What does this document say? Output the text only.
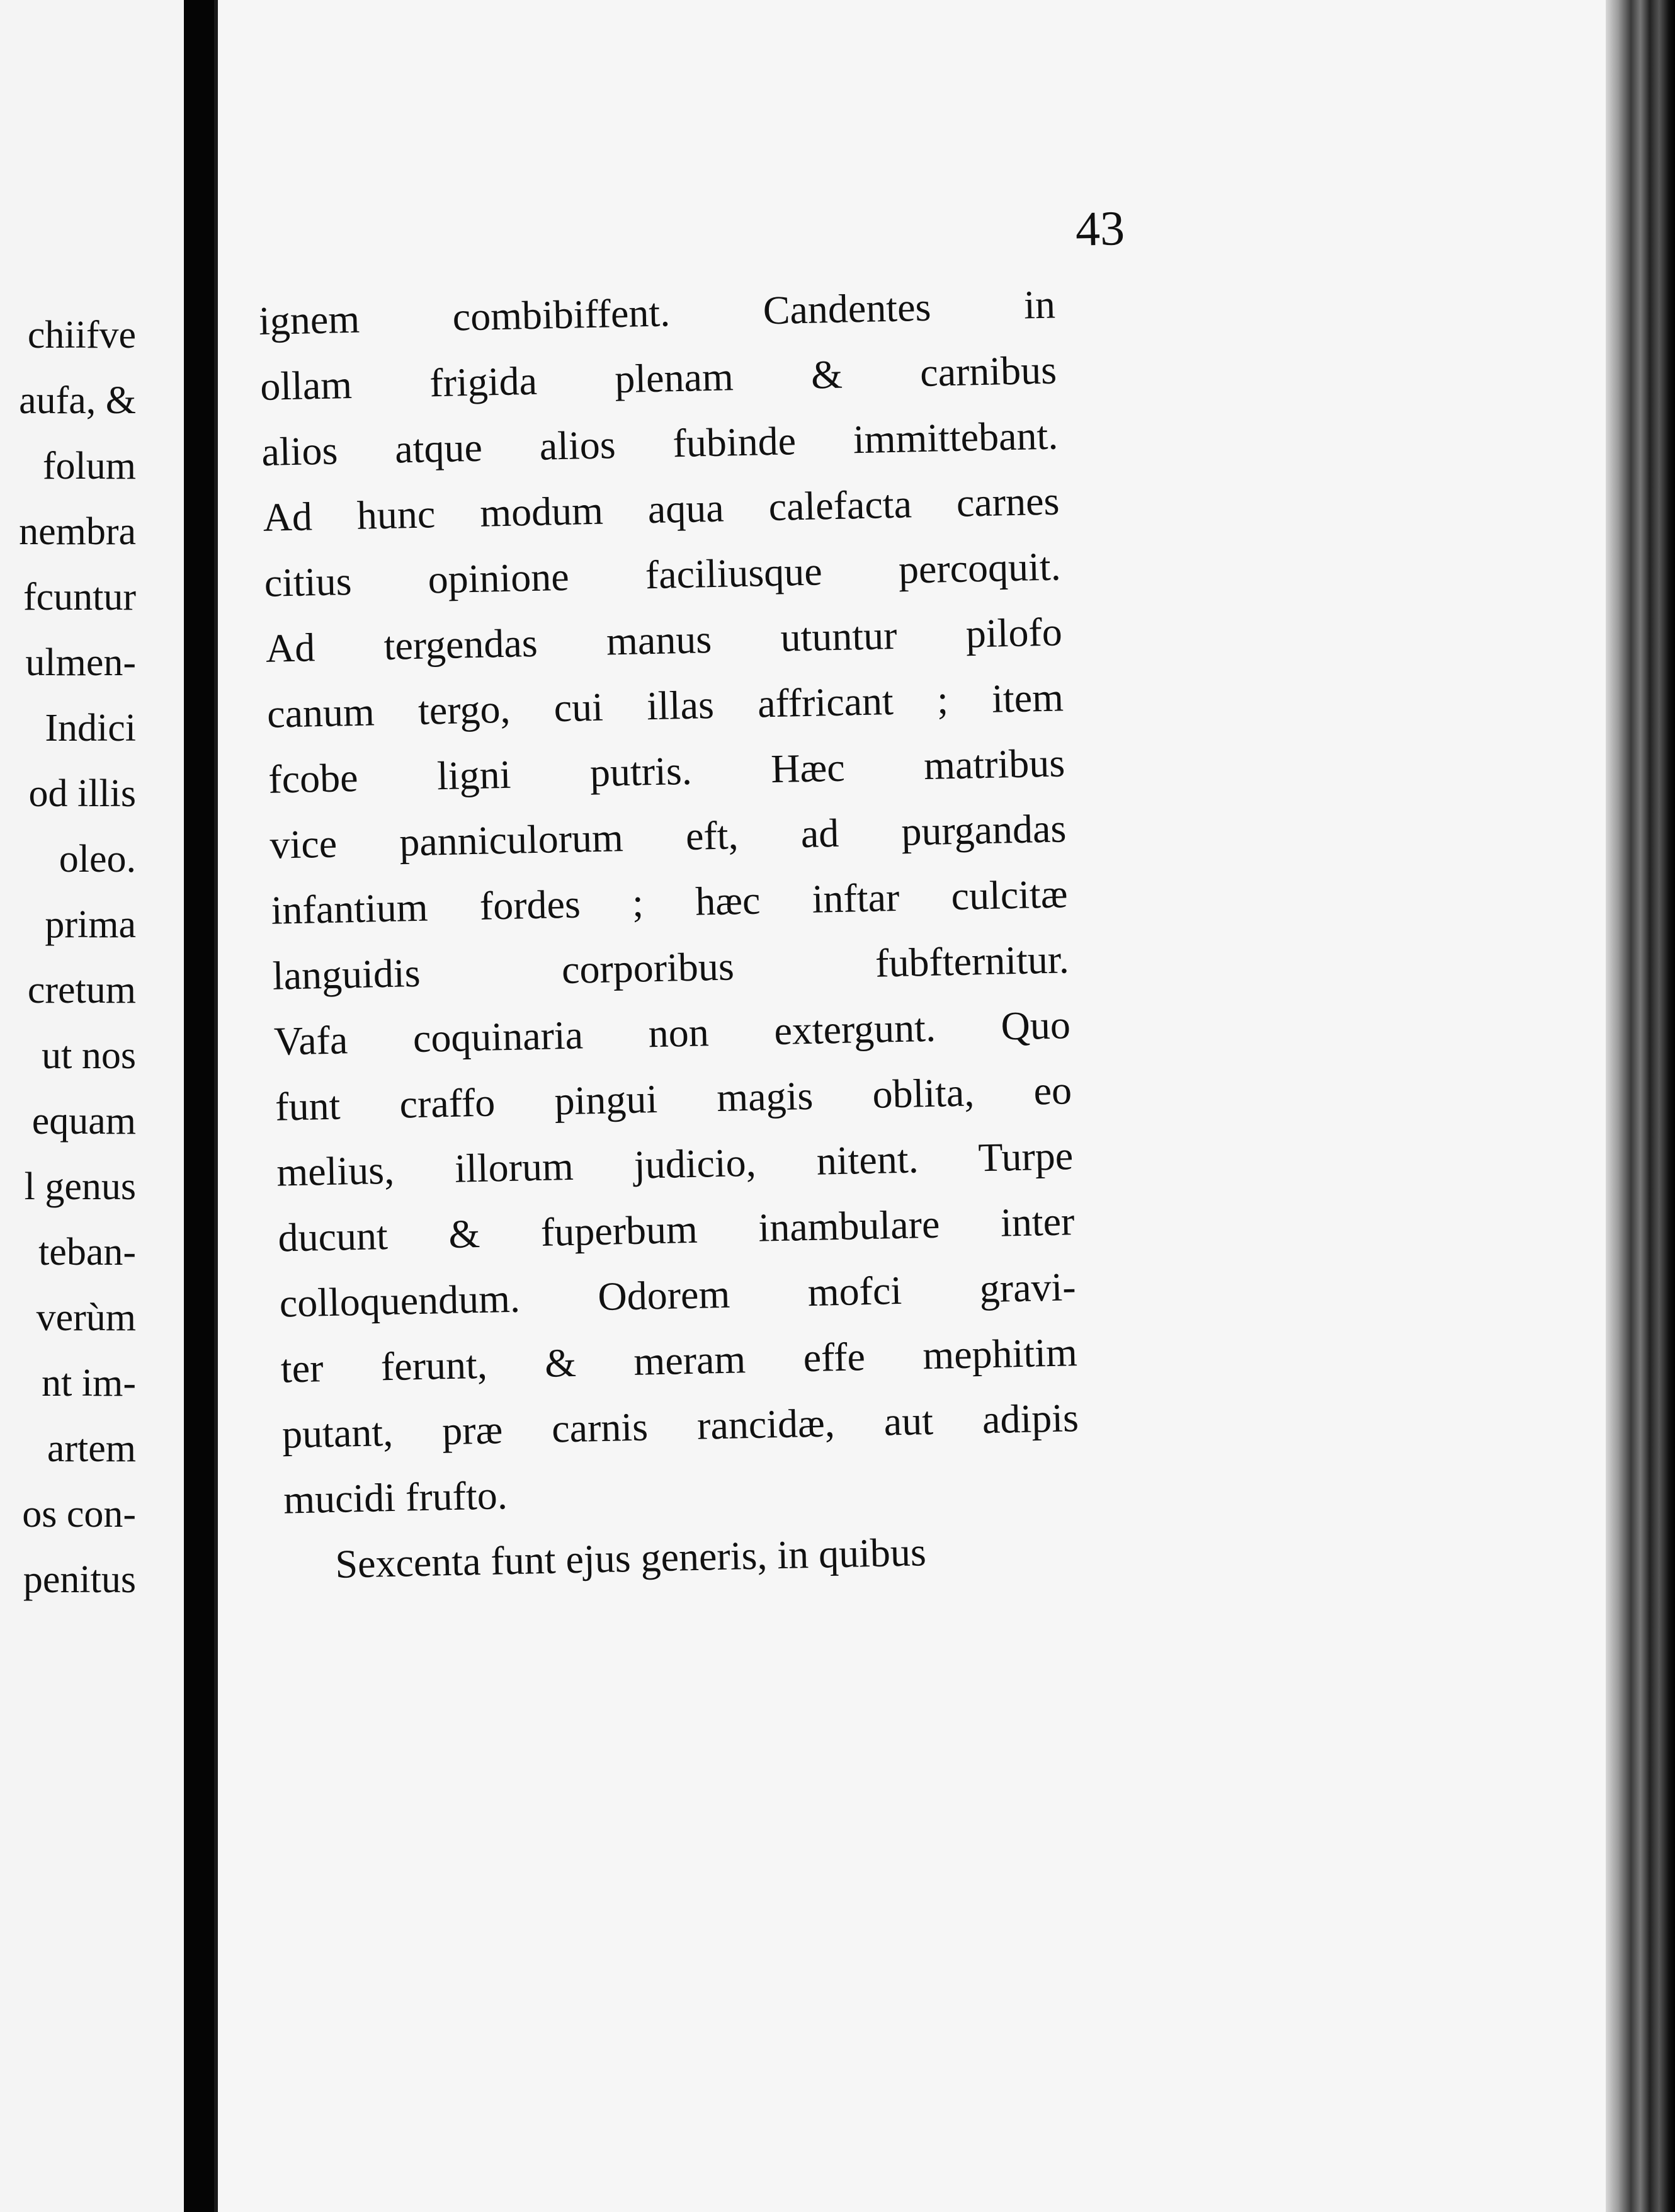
chiifve
aufa, &
folum
nembra
fcuntur
ulmen-
Indici
od illis
oleo.
prima
cretum
ut nos
equam
l genus
teban-
verùm
nt im-
artem
os con-
penitus
43
ignem combibiffent. Candentes in
ollam frigida plenam & carnibus
alios atque alios fubinde immittebant.
Ad hunc modum aqua calefacta carnes
citius opinione faciliusque percoquit.
Ad tergendas manus utuntur pilofo
canum tergo, cui illas affricant ; item
fcobe ligni putris. Hæc matribus
vice panniculorum eft, ad purgandas
infantium fordes ; hæc inftar culcitæ
languidis corporibus fubfternitur.
Vafa coquinaria non extergunt. Quo
funt craffo pingui magis oblita, eo
melius, illorum judicio, nitent. Turpe
ducunt & fuperbum inambulare inter
colloquendum. Odorem mofci gravi-
ter ferunt, & meram effe mephitim
putant, præ carnis rancidæ, aut adipis
mucidi frufto.
Sexcenta funt ejus generis, in quibus
